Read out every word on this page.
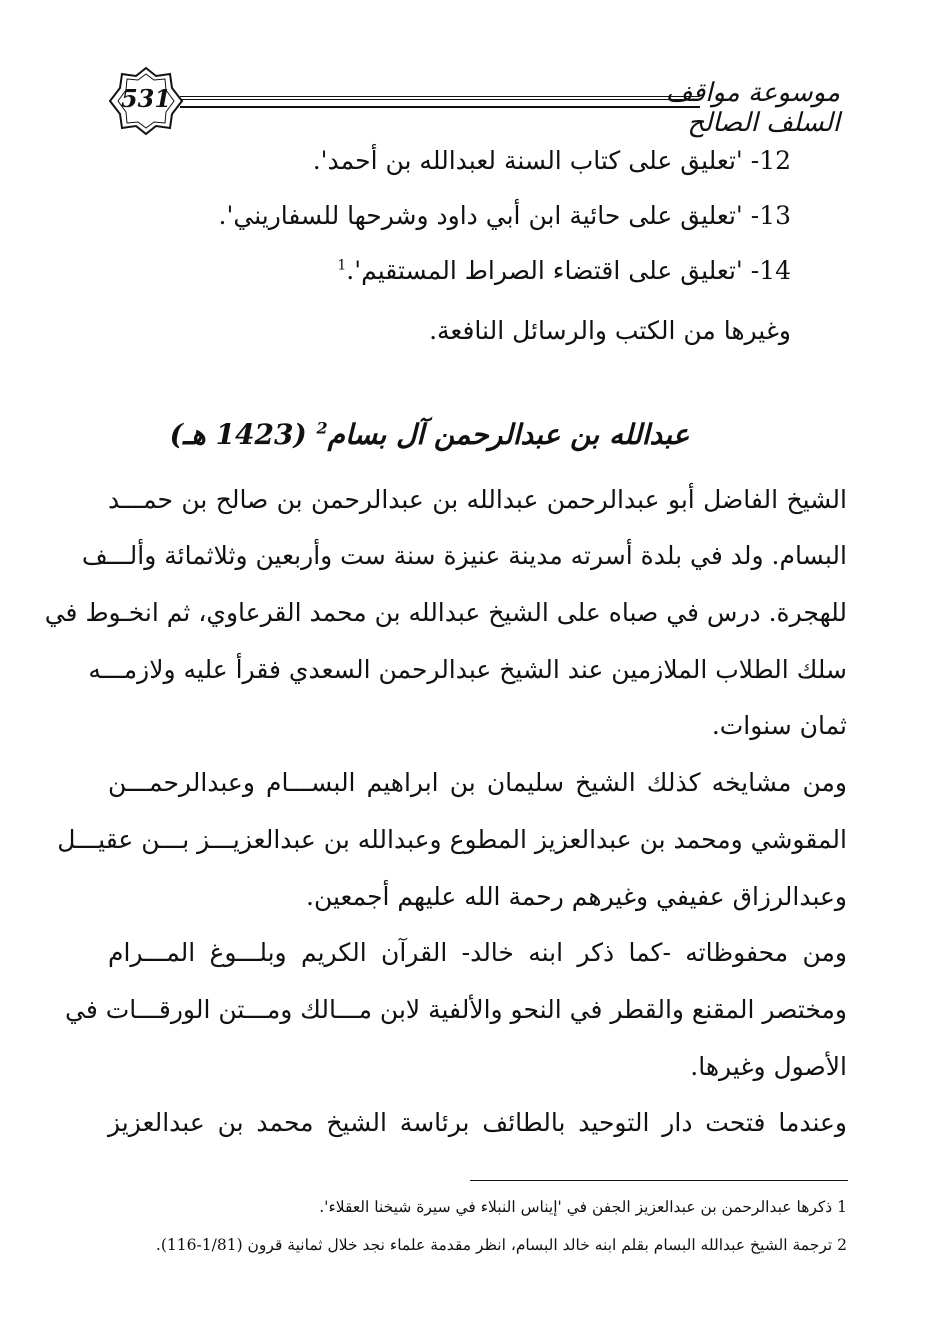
531	موسوعة مواقف السلف الصالح
12- 'تعليق على كتاب السنة لعبدالله بن أحمد'.
13- 'تعليق على حائية ابن أبي داود وشرحها للسفاريني'.
14- 'تعليق على اقتضاء الصراط المستقيم'.$^1$
وغيرها من الكتب والرسائل النافعة.
عبدالله بن عبدالرحمن آل بسام$^2$ (1423 هـ)
الشيخ الفاضل أبو عبدالرحمن عبدالله بن عبدالرحمن بن صالح بن حمـــد
البسام. ولد في بلدة أسرته مدينة عنيزة سنة ست وأربعين وثلاثمائة وألـــف
للهجرة. درس في صباه على الشيخ عبدالله بن محمد القرعاوي، ثم انخـوط في
سلك الطلاب الملازمين عند الشيخ عبدالرحمن السعدي فقرأ عليه ولازمـــه
ثمان سنوات.
ومن مشايخه كذلك الشيخ سليمان بن ابراهيم البســـام وعبدالرحمـــن
المقوشي ومحمد بن عبدالعزيز المطوع وعبدالله بن عبدالعزيـــز بـــن عقيـــل
وعبدالرزاق عفيفي وغيرهم رحمة الله عليهم أجمعين.
ومن محفوظاته -كما ذكر ابنه خالد- القرآن الكريم وبلـــوغ المـــرام
ومختصر المقنع والقطر في النحو والألفية لابن مـــالك ومـــتن الورقـــات في
الأصول وغيرها.
وعندما فتحت دار التوحيد بالطائف برئاسة الشيخ محمد بن عبدالعزيز
1 ذكرها عبدالرحمن بن عبدالعزيز الجفن في 'إيناس النبلاء في سيرة شيخنا العقلاء'.
2 ترجمة الشيخ عبدالله البسام بقلم ابنه خالد البسام، انظر مقدمة علماء نجد خلال ثمانية قرون (1/81-116).
